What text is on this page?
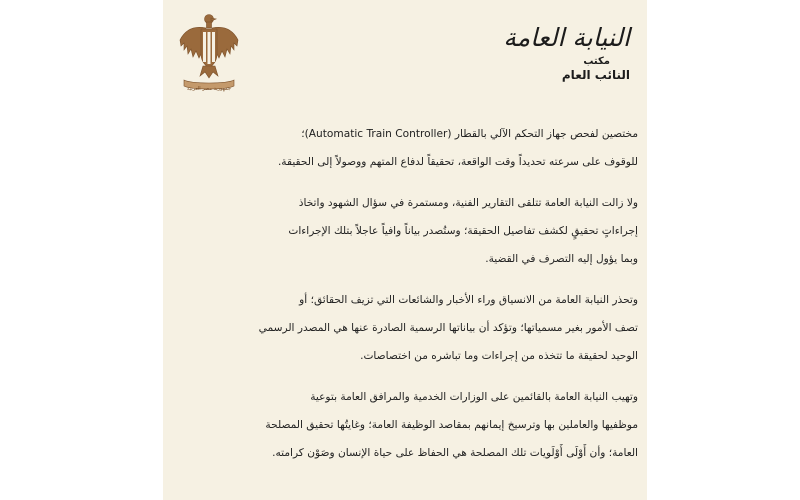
جمهورية مصر العربية
النيابة العامة
مكتب
النائب العام
مختصين لفحص جهاز التحكم الآلي بالقطار (Automatic Train Controller)؛
للوقوف على سرعته تحديداً وقت الواقعة، تحقيقاً لدفاع المتهم ووصولاً إلى الحقيقة.
ولا زالت النيابة العامة تتلقى التقارير الفنية، ومستمرة في سؤال الشهود واتخاذ
إجراءاتٍ تحقيقٍ لكشف تفاصيل الحقيقة؛ وستُصدر بياناً وافياً عاجلاً بتلك الإجراءات
وبما يؤول إليه التصرف في القضية.
وتحذر النيابة العامة من الانسياق وراء الأخبار والشائعات التي تزيف الحقائق؛ أو
تصف الأمور بغير مسمياتها؛ وتؤكد أن بياناتها الرسمية الصادرة عنها هي المصدر الرسمي
الوحيد لحقيقة ما تتخذه من إجراءات وما تباشره من اختصاصات.
وتهيب النيابة العامة بالقائمين على الوزارات الخدمية والمرافق العامة بتوعية
موظفيها والعاملين بها وترسيخ إيمانهم بمقاصد الوظيفة العامة؛ وغايتُها تحقيق المصلحة
العامة؛ وأن أَوْلَى أَوْلَويات تلك المصلحة هي الحفاظ على حياة الإنسان وصَوْن كرامته.
